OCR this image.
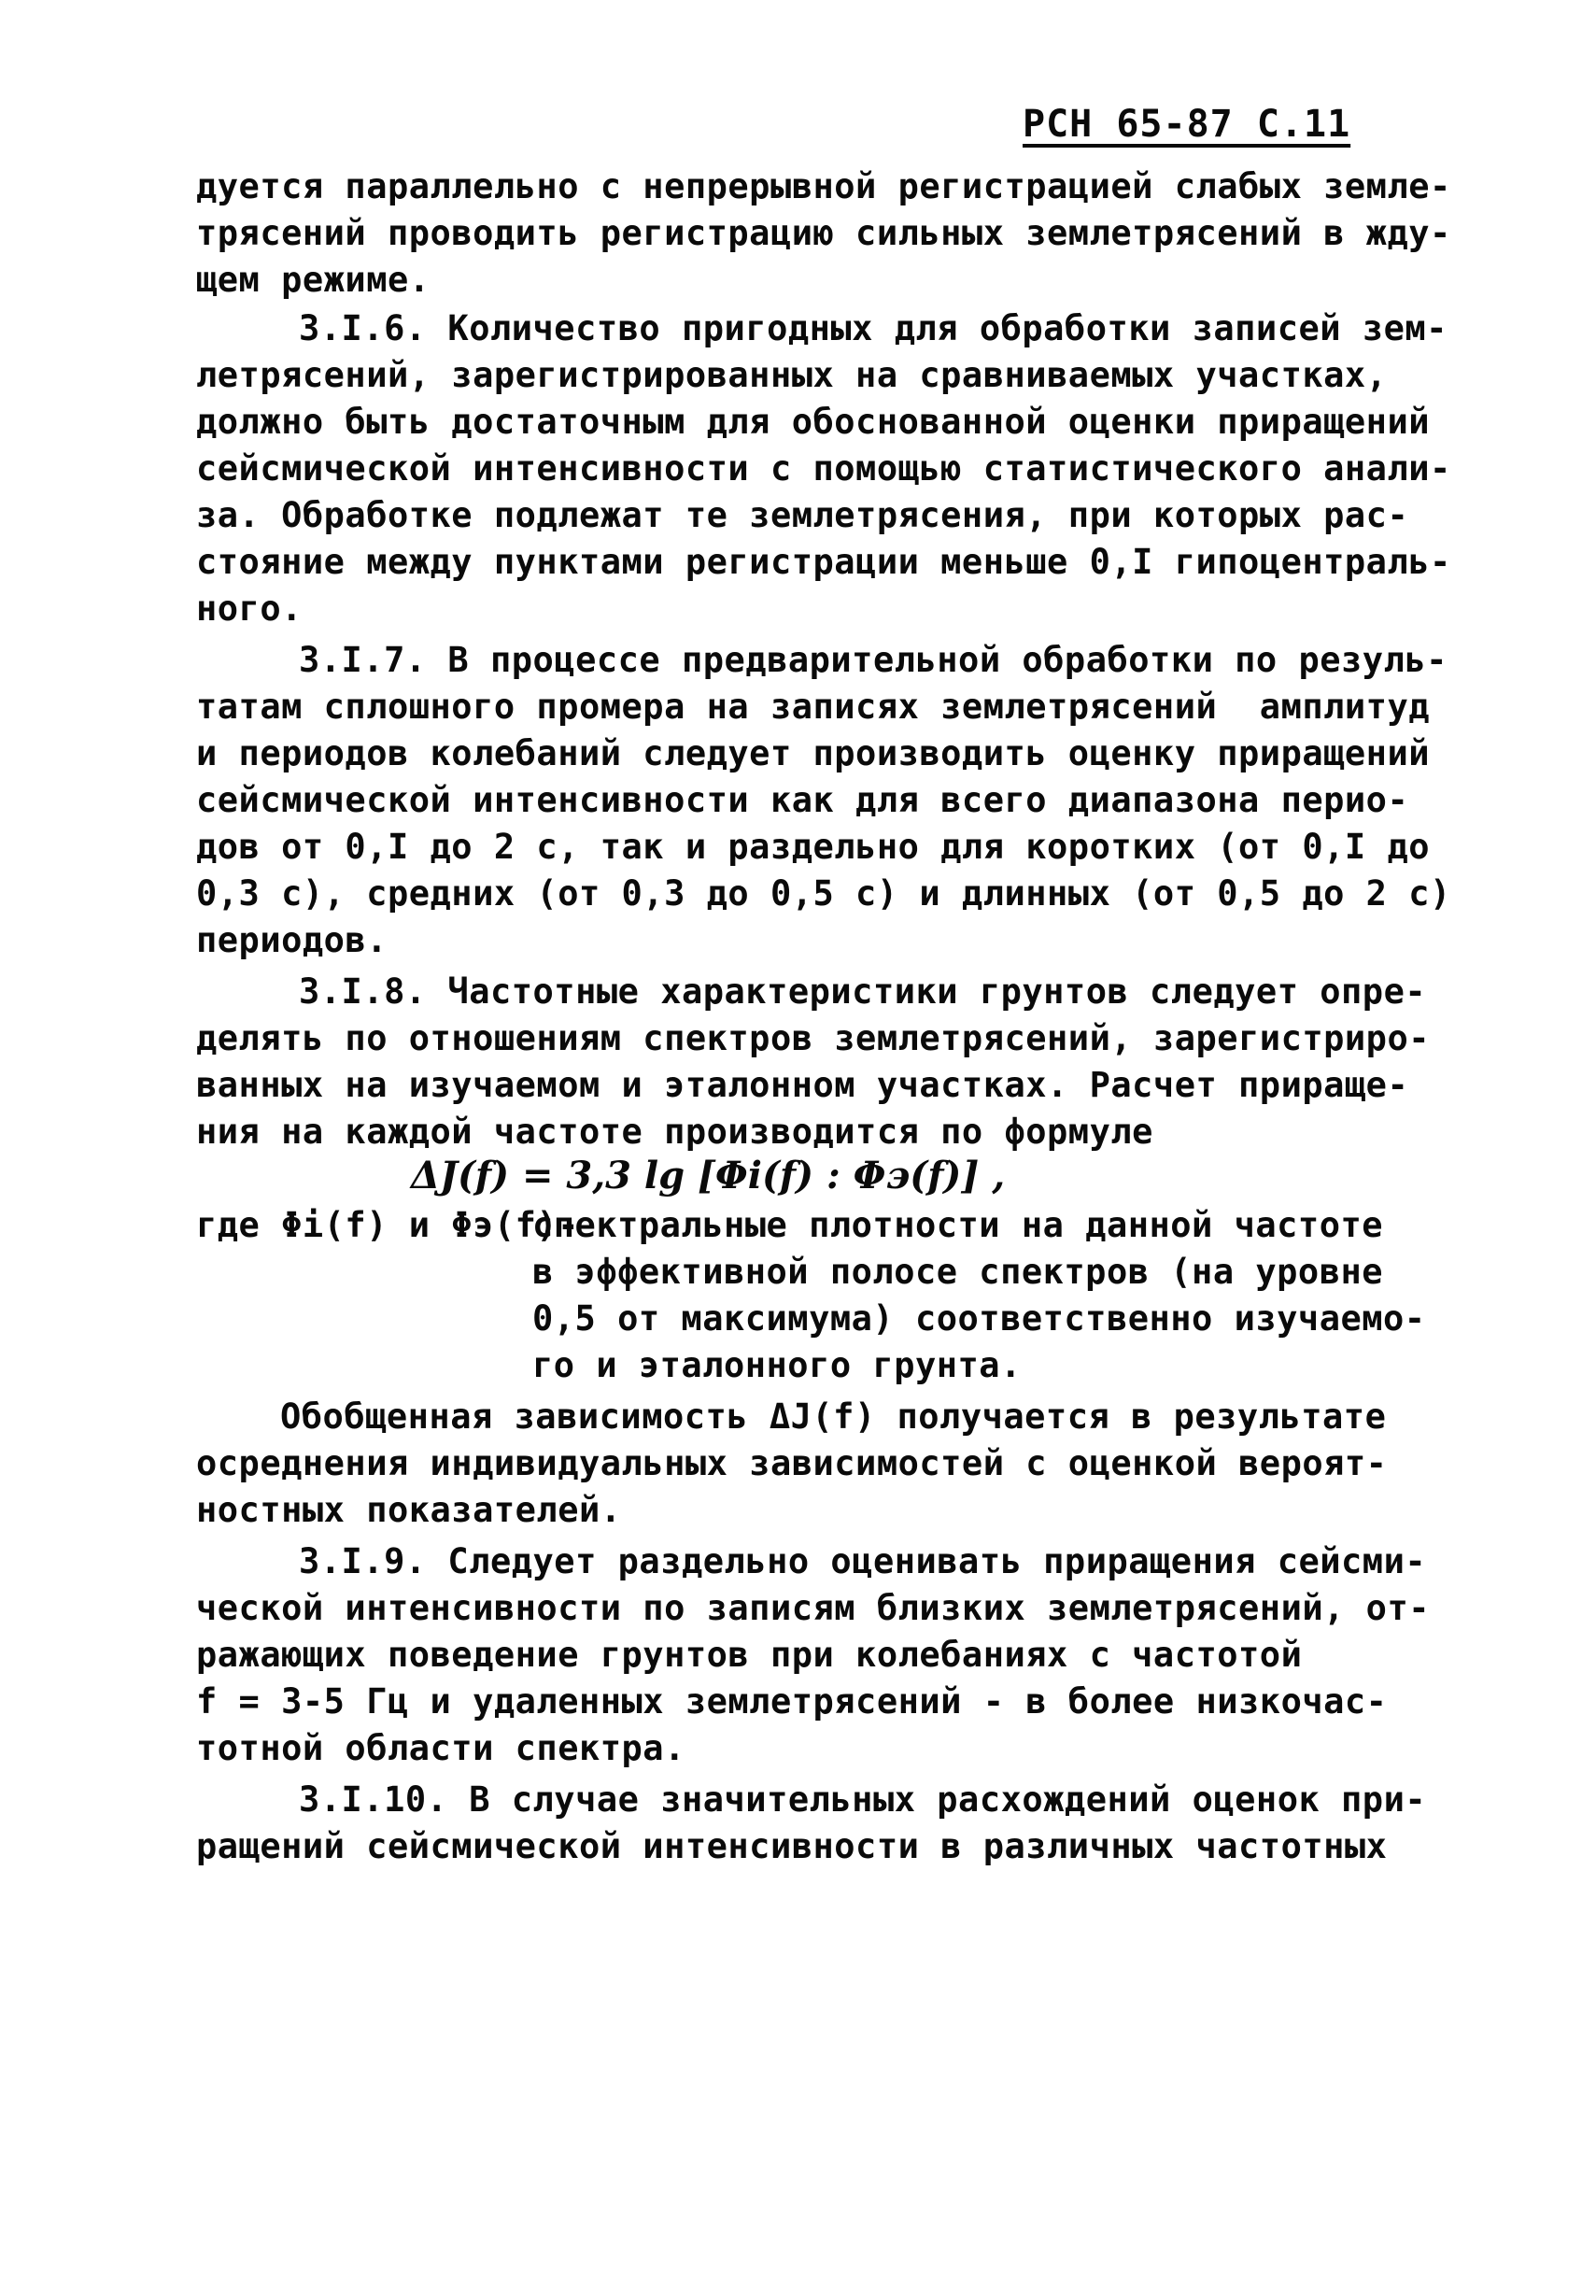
РСН 65-87 С.11
дуется параллельно с непрерывной регистрацией слабых земле-
трясений проводить регистрацию сильных землетрясений в жду-
щем режиме.
3.I.6. Количество пригодных для обработки записей зем-
летрясений, зарегистрированных на сравниваемых участках,
должно быть достаточным для обоснованной оценки приращений
сейсмической интенсивности с помощью статистического анали-
за. Обработке подлежат те землетрясения, при которых рас-
стояние между пунктами регистрации меньше 0,I гипоцентраль-
ного.
3.I.7. В процессе предварительной обработки по резуль-
татам сплошного промера на записях землетрясений  амплитуд
и периодов колебаний следует производить оценку приращений
сейсмической интенсивности как для всего диапазона перио-
дов от 0,I до 2 с, так и раздельно для коротких (от 0,I до
0,3 с), средних (от 0,3 до 0,5 с) и длинных (от 0,5 до 2 с)
периодов.
3.I.8. Частотные характеристики грунтов следует опре-
делять по отношениям спектров землетрясений, зарегистриро-
ванных на изучаемом и эталонном участках. Расчет прираще-
ния на каждой частоте производится по формуле
ΔJ(f) = 3,3 lg [Φi(f) : Φэ(f)] ,
где Φi(f) и Φэ(f)-
спектральные плотности на данной частоте
в эффективной полосе спектров (на уровне
0,5 от максимума) соответственно изучаемо-
го и эталонного грунта.
Обобщенная зависимость ΔJ(f) получается в результате
осреднения индивидуальных зависимостей с оценкой вероят-
ностных показателей.
3.I.9. Следует раздельно оценивать приращения сейсми-
ческой интенсивности по записям близких землетрясений, от-
ражающих поведение грунтов при колебаниях с частотой
f = 3-5 Гц и удаленных землетрясений - в более низкочас-
тотной области спектра.
3.I.10. В случае значительных расхождений оценок при-
ращений сейсмической интенсивности в различных частотных
